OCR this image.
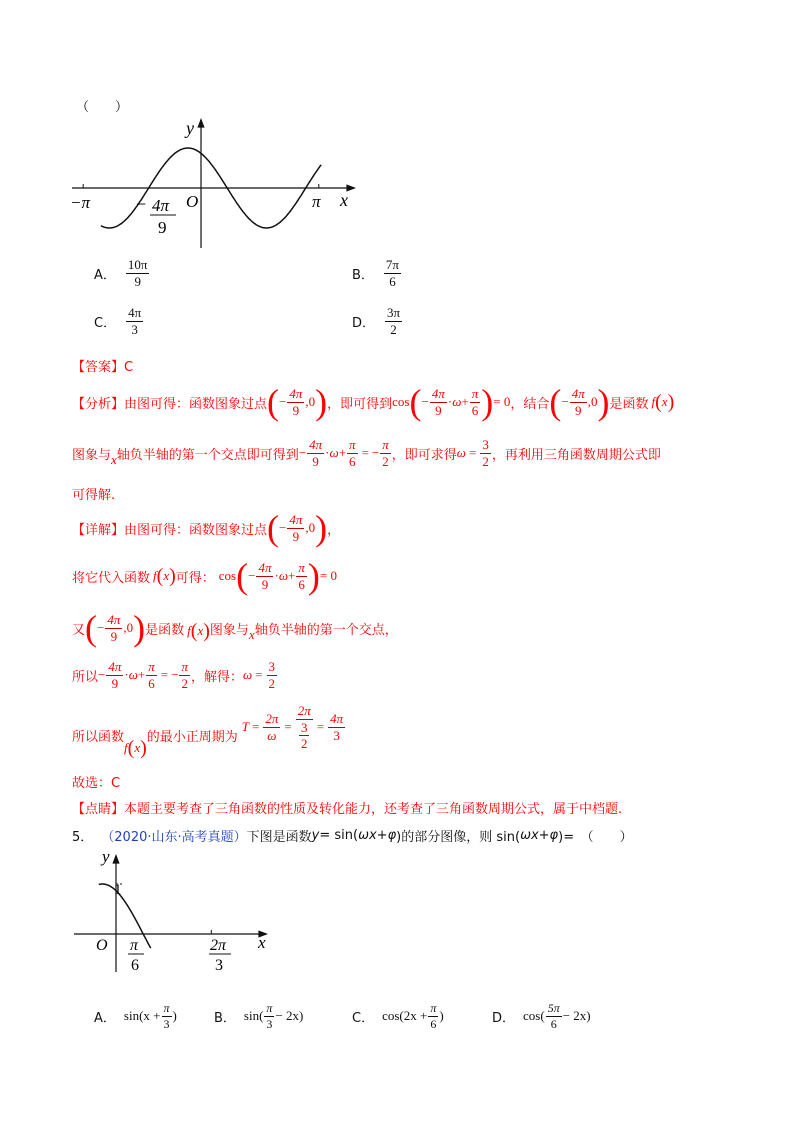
（　　）
y
x
O
−π	π
− 4π
9
A． $\frac{10\pi}{9}$	B． $\frac{7\pi}{6}$
C． $\frac{4\pi}{3}$	D． $\frac{3\pi}{2}$
【答案】C
【分析】 由图可得：函数图象过点 ( − $\frac{4\pi}{9} ,0$ ) ，即可得到 cos ( − $\frac{4\pi}{9} \cdot \omega + \frac{\pi}{6}$ ) = 0 ，结合 ( − $\frac{4\pi}{9} ,0$ ) 是函数 f ( x )
图象与 x 轴负半轴的第一个交点即可得到 − $\frac{4\pi}{9} \cdot \omega + \frac{\pi}{6}$ = − $\frac{\pi}{2}$ ，即可求得 $\omega = \frac{3}{2}$ ，再利用三角函数周期公式即
可得解.
【详解】 由图可得：函数图象过点 ( − $\frac{4\pi}{9} ,0$ ) ，
将它代入函数 f ( x ) 可得： cos ( − $\frac{4\pi}{9} \cdot \omega + \frac{\pi}{6}$ ) = 0
又 ( − $\frac{4\pi}{9} ,0$ ) 是函数 f ( x ) 图象与 x 轴负半轴的第一个交点，
所以 − $\frac{4\pi}{9} \cdot \omega + \frac{\pi}{6}$ = − $\frac{\pi}{2}$ ，解得： $\omega = \frac{3}{2}$
所以函数
f ( x ) 的最小正周期为
$T = \frac{2\pi}{\omega} = \frac{2\pi}{\frac{3}{2}} = \frac{4\pi}{3}$
故选：C
【点睛】本题主要考查了三角函数的性质及转化能力，还考查了三角函数周期公式，属于中档题.
5． （2020·山东·高考真题） 下图是函数 y = sin( ωx+φ )的部分图像，则 sin( ωx+φ )=　（　　）
y
1
x
O π
6
2π
3
A． $\sin(x + \frac{\pi}{3}$ )	B． $\sin( \frac{\pi}{3} - 2x)$	C． $\cos(2x + \frac{\pi}{6}$ )	D． $\cos( \frac{5\pi}{6} - 2x)$
